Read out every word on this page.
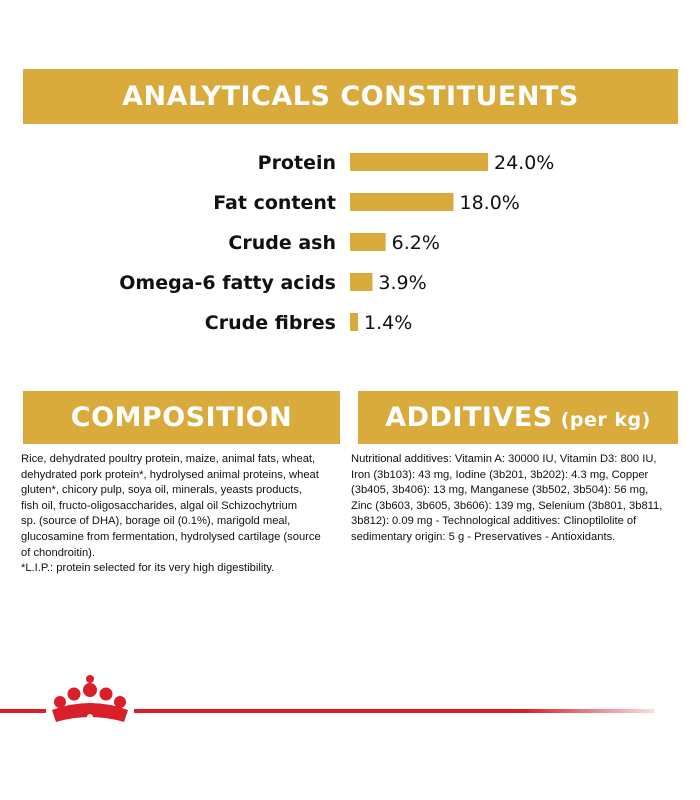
ANALYTICALS CONSTITUENTS
Protein	24.0%
Fat content	18.0%
Crude ash	6.2%
Omega-6 fatty acids 3.9%
Crude fibres 1.4%
COMPOSITION	ADDITIVES (per kg)
Rice, dehydrated poultry protein, maize, animal fats, wheat,
dehydrated pork protein*, hydrolysed animal proteins, wheat
gluten*, chicory pulp, soya oil, minerals, yeasts products,
fish oil, fructo-oligosaccharides, algal oil Schizochytrium
sp. (source of DHA), borage oil (0.1%), marigold meal,
glucosamine from fermentation, hydrolysed cartilage (source
of chondroitin).
*L.I.P.: protein selected for its very high digestibility.
Nutritional additives: Vitamin A: 30000 IU, Vitamin D3: 800 IU,
Iron (3b103): 43 mg, Iodine (3b201, 3b202): 4.3 mg, Copper
(3b405, 3b406): 13 mg, Manganese (3b502, 3b504): 56 mg,
Zinc (3b603, 3b605, 3b606): 139 mg, Selenium (3b801, 3b811,
3b812): 0.09 mg - Technological additives: Clinoptilolite of
sedimentary origin: 5 g - Preservatives - Antioxidants.
